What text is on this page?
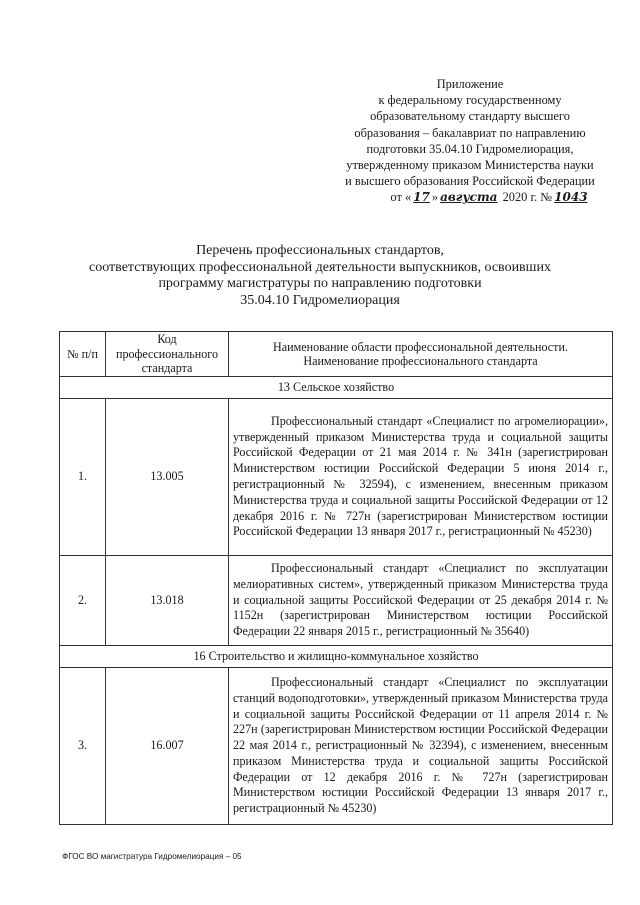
Приложение
к федеральному государственному
образовательному стандарту высшего
образования – бакалавриат по направлению
подготовки 35.04.10 Гидромелиорация,
утвержденному приказом Министерства науки
и высшего образования Российской Федерации
от « 17 » августа 2020 г. № 1043
Перечень профессиональных стандартов,
соответствующих профессиональной деятельности выпускников, освоивших
программу магистратуры по направлению подготовки
35.04.10 Гидромелиорация
№ п/п	Код профессионального стандарта	Наименование области профессиональной деятельности.
Наименование профессионального стандарта

13 Сельское хозяйство		
1.	13.005	Профессиональный стандарт «Специалист по агромелиорации», утвержденный приказом Министерства труда и социальной защиты Российской Федерации от 21 мая 2014 г. № 341н (зарегистрирован Министерством юстиции Российской Федерации 5 июня 2014 г., регистрационный № 32594), с изменением, внесенным приказом Министерства труда и социальной защиты Российской Федерации от 12 декабря 2016 г. № 727н (зарегистрирован Министерством юстиции Российской Федерации 13 января 2017 г., регистрационный № 45230)

2.	13.018	Профессиональный стандарт «Специалист по эксплуатации мелиоративных систем», утвержденный приказом Министерства труда и социальной защиты Российской Федерации от 25 декабря 2014 г. № 1152н (зарегистрирован Министерством юстиции Российской Федерации 22 января 2015 г., регистрационный № 35640)

16 Строительство и жилищно-коммунальное хозяйство		
3.	16.007	Профессиональный стандарт «Специалист по эксплуатации станций водоподготовки», утвержденный приказом Министерства труда и социальной защиты Российской Федерации от 11 апреля 2014 г. № 227н (зарегистрирован Министерством юстиции Российской Федерации 22 мая 2014 г., регистрационный № 32394), с изменением, внесенным приказом Министерства труда и социальной защиты Российской Федерации от 12 декабря 2016 г. № 727н (зарегистрирован Министерством юстиции Российской Федерации 13 января 2017 г., регистрационный № 45230)
ФГОС ВО магистратура Гидромелиорация – 05
